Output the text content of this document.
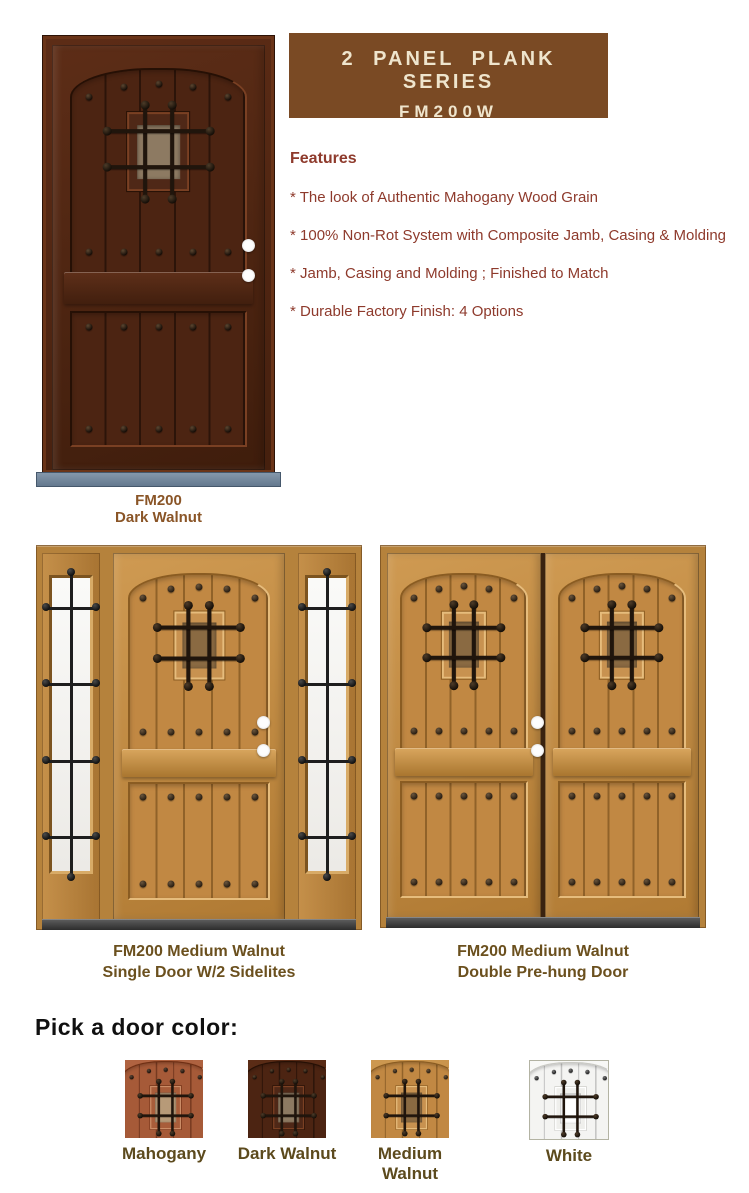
2 PANEL PLANK SERIES
FM200W
FM200
Dark Walnut
Features

* The look of Authentic Mahogany Wood Grain

* 100% Non-Rot System with Composite Jamb, Casing & Molding

* Jamb, Casing and Molding ; Finished to Match

* Durable Factory Finish: 4 Options

FM200 Medium Walnut
Single Door W/2 Sidelites
FM200 Medium Walnut
Double Pre-hung Door
Pick a door color:
Mahogany	Dark Walnut	Medium Walnut
White
